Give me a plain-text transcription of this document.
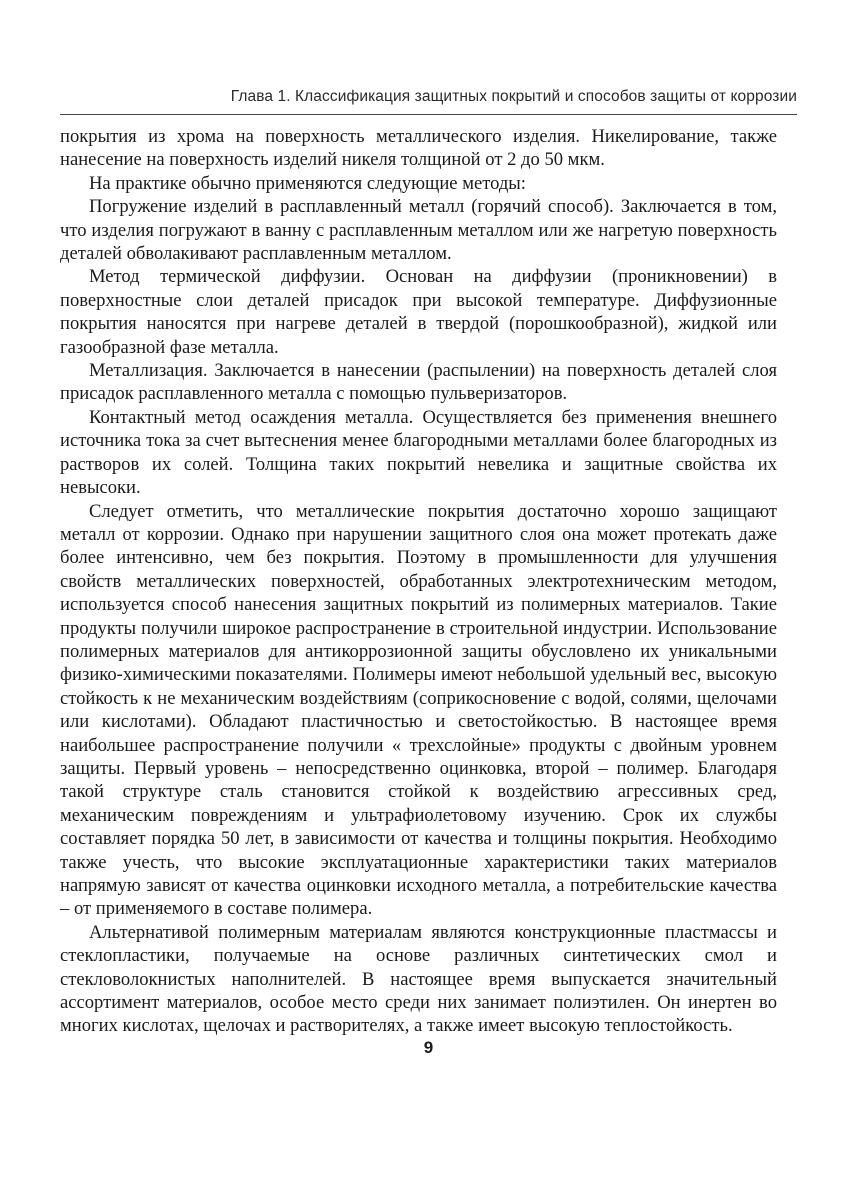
Глава 1. Классификация защитных покрытий и способов защиты от коррозии

покрытия из хрома на поверхность металлического изделия. Никелирование, также нанесение на поверхность изделий никеля толщиной от 2 до 50 мкм.

На практике обычно применяются следующие методы:

Погружение изделий в расплавленный металл (горячий способ). Заключается в том, что изделия погружают в ванну с расплавленным металлом или же нагретую поверхность деталей обволакивают расплавленным металлом.

Метод термической диффузии. Основан на диффузии (проникновении) в поверхностные слои деталей присадок при высокой температуре. Диффузионные покрытия наносятся при нагреве деталей в твердой (порошкообразной), жидкой или газообразной фазе металла.

Металлизация. Заключается в нанесении (распылении) на поверхность деталей слоя присадок расплавленного металла с помощью пульверизаторов.

Контактный метод осаждения металла. Осуществляется без применения внешнего источника тока за счет вытеснения менее благородными металлами более благородных из растворов их солей. Толщина таких покрытий невелика и защитные свойства их невысоки.

Следует отметить, что металлические покрытия достаточно хорошо защищают металл от коррозии. Однако при нарушении защитного слоя она может протекать даже более интенсивно, чем без покрытия. Поэтому в промышленности для улучшения свойств металлических поверхностей, обработанных электротехническим методом, используется способ нанесения защитных покрытий из полимерных материалов. Такие продукты получили широкое распространение в строительной индустрии. Использование полимерных материалов для антикоррозионной защиты обусловлено их уникальными физико-химическими показателями. Полимеры имеют небольшой удельный вес, высокую стойкость к не механическим воздействиям (соприкосновение с водой, солями, щелочами или кислотами). Обладают пластичностью и светостойкостью. В настоящее время наибольшее распространение получили « трехслойные» продукты с двойным уровнем защиты. Первый уровень – непосредственно оцинковка, второй – полимер. Благодаря такой структуре сталь становится стойкой к воздействию агрессивных сред, механическим повреждениям и ультрафиолетовому изучению. Срок их службы составляет порядка 50 лет, в зависимости от качества и толщины покрытия. Необходимо также учесть, что высокие эксплуатационные характеристики таких материалов напрямую зависят от качества оцинковки исходного металла, а потребительские качества – от применяемого в составе полимера.

Альтернативой полимерным материалам являются конструкционные пластмассы и стеклопластики, получаемые на основе различных синтетических смол и стекловолокнистых наполнителей. В настоящее время выпускается значительный ассортимент материалов, особое место среди них занимает полиэтилен. Он инертен во многих кислотах, щелочах и растворителях, а также имеет высокую теплостойкость.

9
